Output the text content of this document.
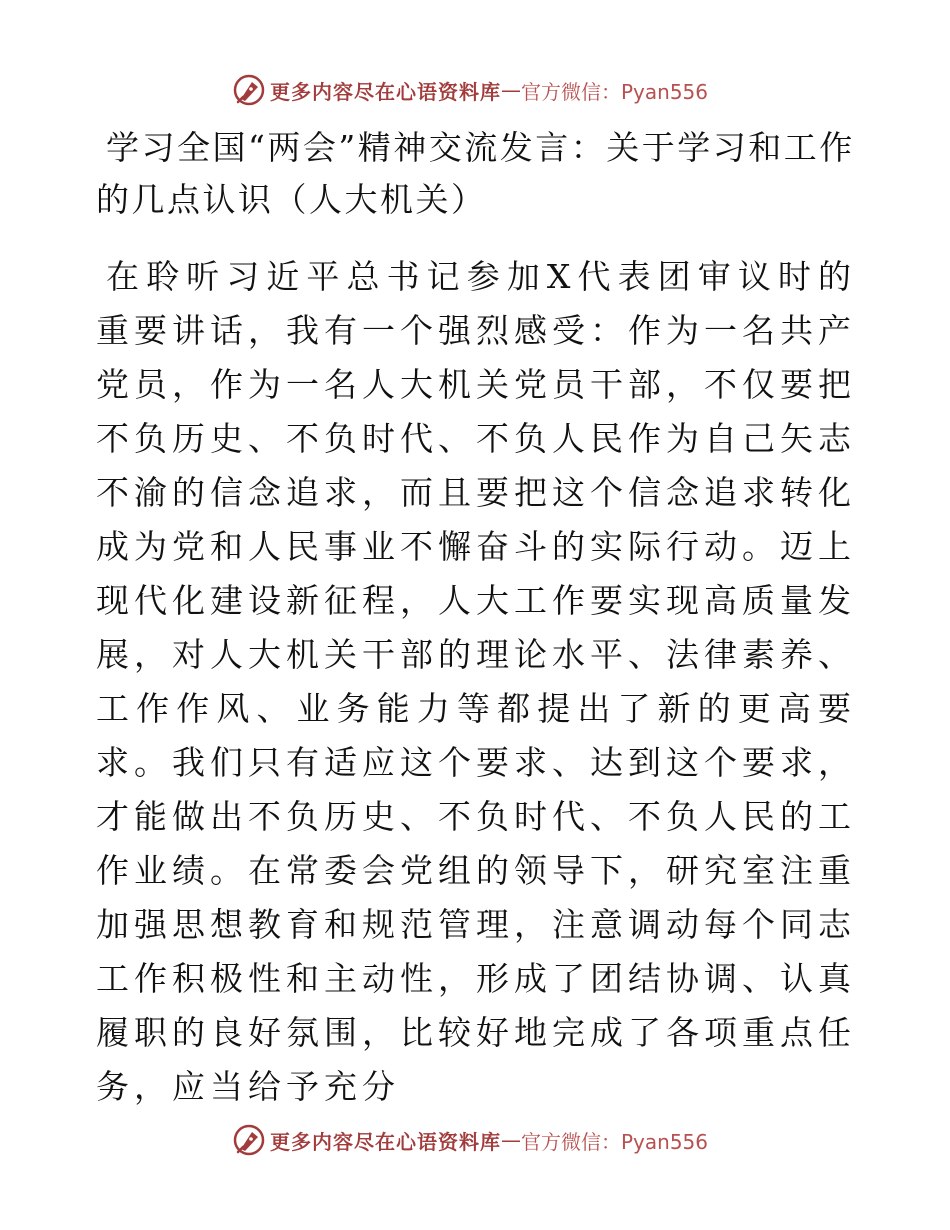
更多内容尽在心语资料库 — 官方微信：Pyan556
学习全国“两会”精神交流发言：关于学习和工作的几点认识（人大机关）

在聆听习近平总书记参加X代表团审议时的重要讲话，我有一个强烈感受：作为一名共产党员，作为一名人大机关党员干部，不仅要把不负历史、不负时代、不负人民作为自己矢志不渝的信念追求，而且要把这个信念追求转化成为党和人民事业不懈奋斗的实际行动。迈上现代化建设新征程，人大工作要实现高质量发展，对人大机关干部的理论水平、法律素养、工作作风、业务能力等都提出了新的更高要求。我们只有适应这个要求、达到这个要求，才能做出不负历史、不负时代、不负人民的工作业绩。在常委会党组的领导下，研究室注重加强思想教育和规范管理，注意调动每个同志工作积极性和主动性，形成了团结协调、认真履职的良好氛围，比较好地完成了各项重点任务，应当给予充分

更多内容尽在心语资料库 — 官方微信：Pyan556
